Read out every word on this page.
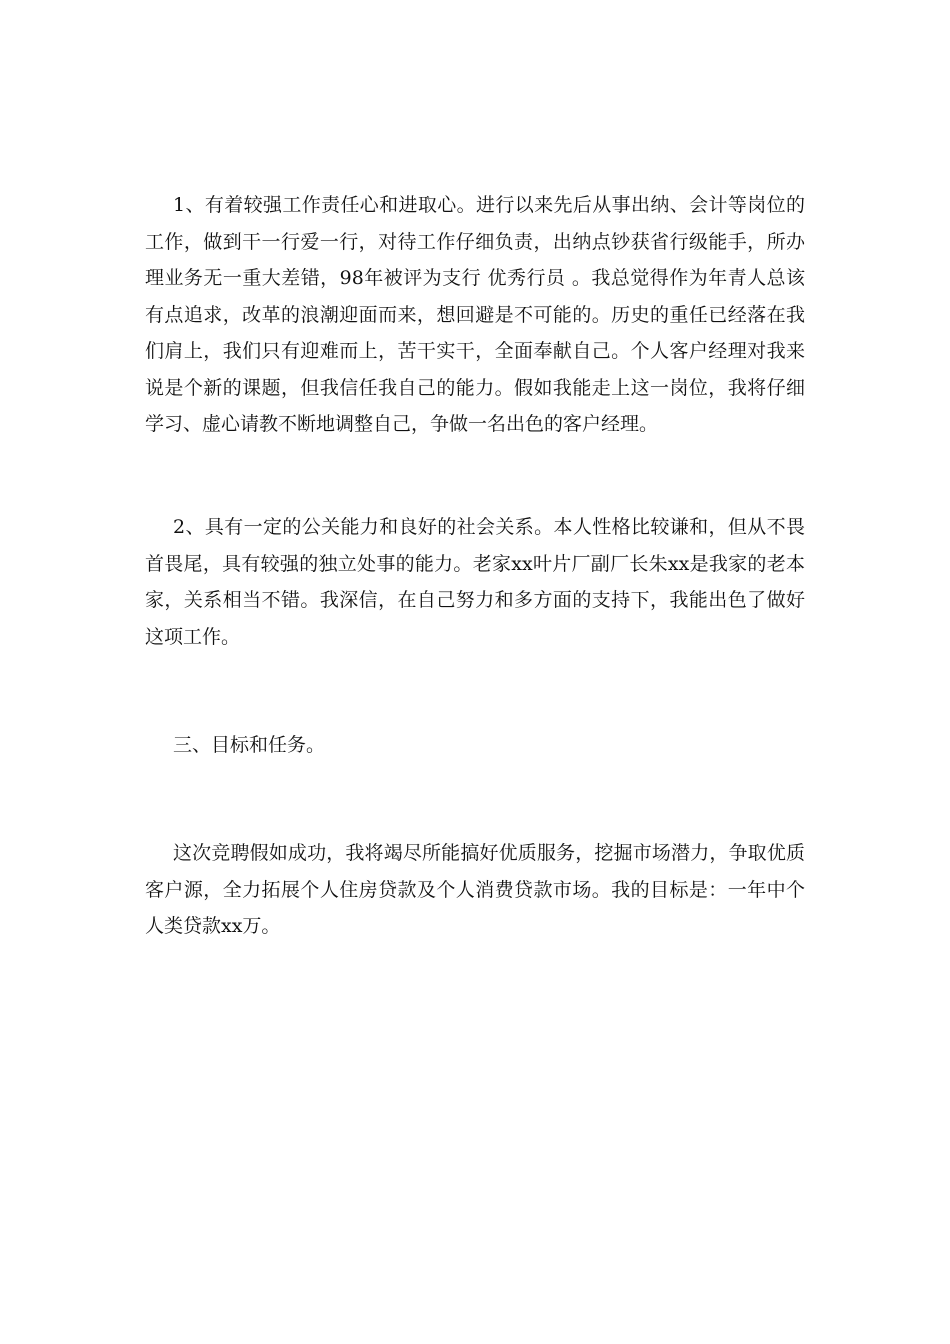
1、有着较强工作责任心和进取心。进行以来先后从事出纳、会计等岗位的工作，做到干一行爱一行，对待工作仔细负责，出纳点钞获省行级能手，所办理业务无一重大差错，98年被评为支行 优秀行员 。我总觉得作为年青人总该有点追求，改革的浪潮迎面而来，想回避是不可能的。历史的重任已经落在我们肩上，我们只有迎难而上，苦干实干，全面奉献自己。个人客户经理对我来说是个新的课题，但我信任我自己的能力。假如我能走上这一岗位，我将仔细学习、虚心请教不断地调整自己，争做一名出色的客户经理。

2、具有一定的公关能力和良好的社会关系。本人性格比较谦和，但从不畏首畏尾，具有较强的独立处事的能力。老家xx叶片厂副厂长朱xx是我家的老本家，关系相当不错。我深信，在自己努力和多方面的支持下，我能出色了做好这项工作。

三、目标和任务。

这次竞聘假如成功，我将竭尽所能搞好优质服务，挖掘市场潜力，争取优质客户源，全力拓展个人住房贷款及个人消费贷款市场。我的目标是：一年中个人类贷款xx万。
